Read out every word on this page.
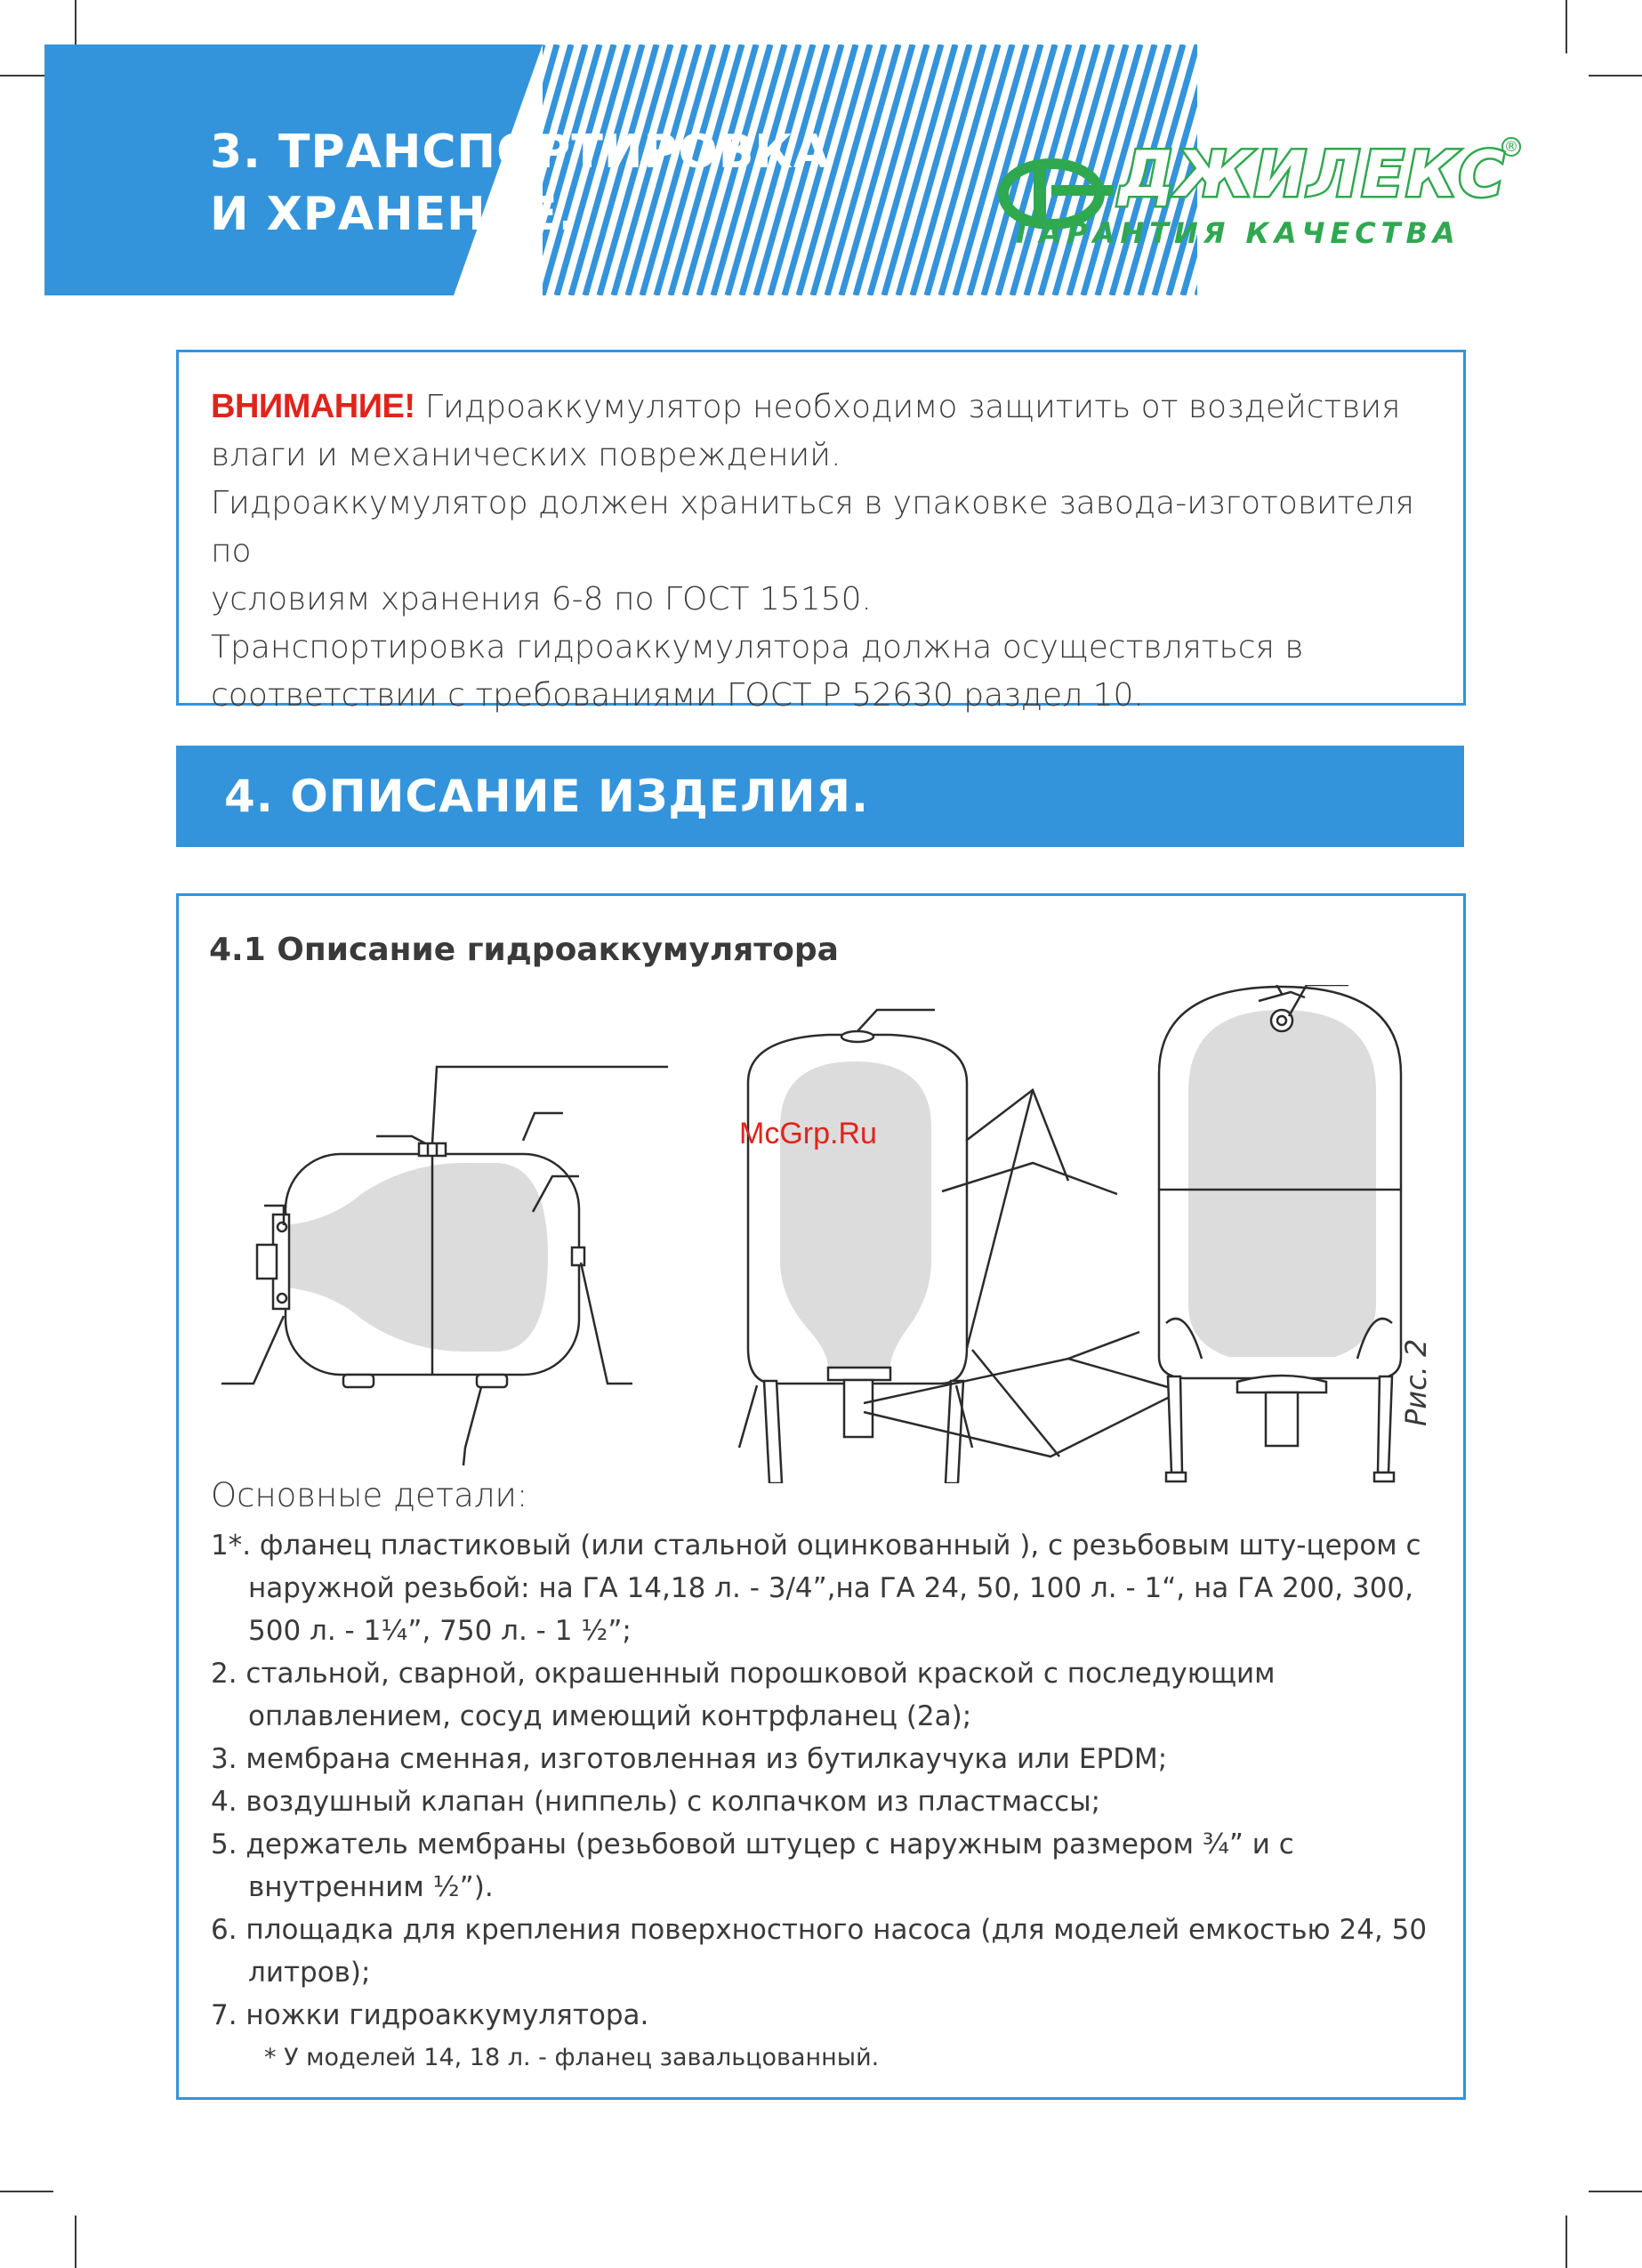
3. ТРАНСПОРТИРОВКА
И ХРАНЕНИЕ.
ДЖИЛЕКС
®
ГАРАНТИЯ КАЧЕСТВА

ВНИМАНИЕ! Гидроаккумулятор необходимо защитить от воздействия
влаги и механических повреждений.
Гидроаккумулятор должен храниться в упаковке завода-изготовителя по
условиям хранения 6-8 по ГОСТ 15150.
Транспортировка гидроаккумулятора должна осуществляться в
соответствии с требованиями ГОСТ Р 52630 раздел 10.

4. ОПИСАНИЕ ИЗДЕЛИЯ.
4.1 Описание гидроаккумулятора
McGrp.Ru
Рис. 2

Основные детали:

1*. фланец пластиковый (или стальной оцинкованный ), с резьбовым шту-цером с наружной резьбой: на ГА 14,18 л. - 3/4”,на ГА 24, 50, 100 л. - 1“, на ГА 200, 300, 500 л. - 1¼”, 750 л. - 1 ½”;
2. стальной, сварной, окрашенный порошковой краской с последующим оплавлением, сосуд имеющий контрфланец (2а);
3. мембрана сменная, изготовленная из бутилкаучука или EPDM;
4. воздушный клапан (ниппель) с колпачком из пластмассы;
5. держатель мембраны (резьбовой штуцер с наружным размером ¾” и с внутренним ½”).
6. площадка для крепления поверхностного насоса (для моделей емкостью 24, 50 литров);
7. ножки гидроаккумулятора.

* У моделей 14, 18 л. - фланец завальцованный.
